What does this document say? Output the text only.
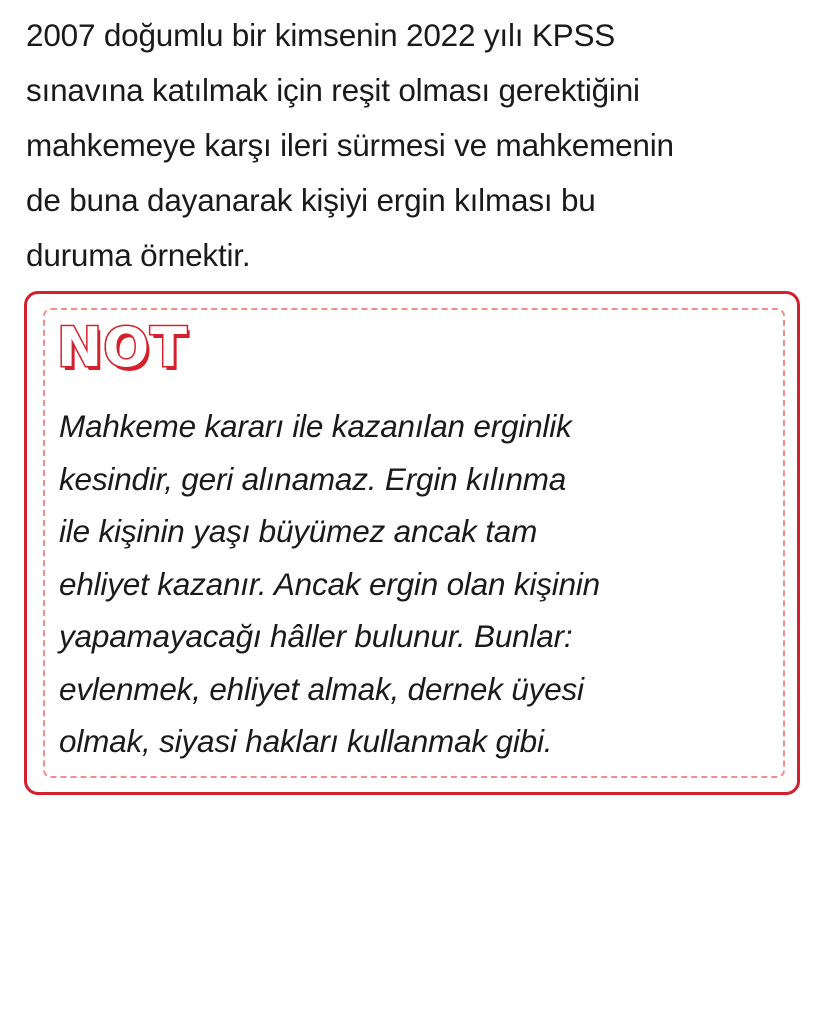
2007 doğumlu bir kimsenin 2022 yılı KPSS
sınavına katılmak için reşit olması gerektiğini
mahkemeye karşı ileri sürmesi ve mahkemenin
de buna dayanarak kişiyi ergin kılması bu
duruma örnektir.
NOT
Mahkeme kararı ile kazanılan erginlik
kesindir, geri alınamaz. Ergin kılınma
ile kişinin yaşı büyümez ancak tam
ehliyet kazanır. Ancak ergin olan kişinin
yapamayacağı hâller bulunur. Bunlar:
evlenmek, ehliyet almak, dernek üyesi
olmak, siyasi hakları kullanmak gibi.
